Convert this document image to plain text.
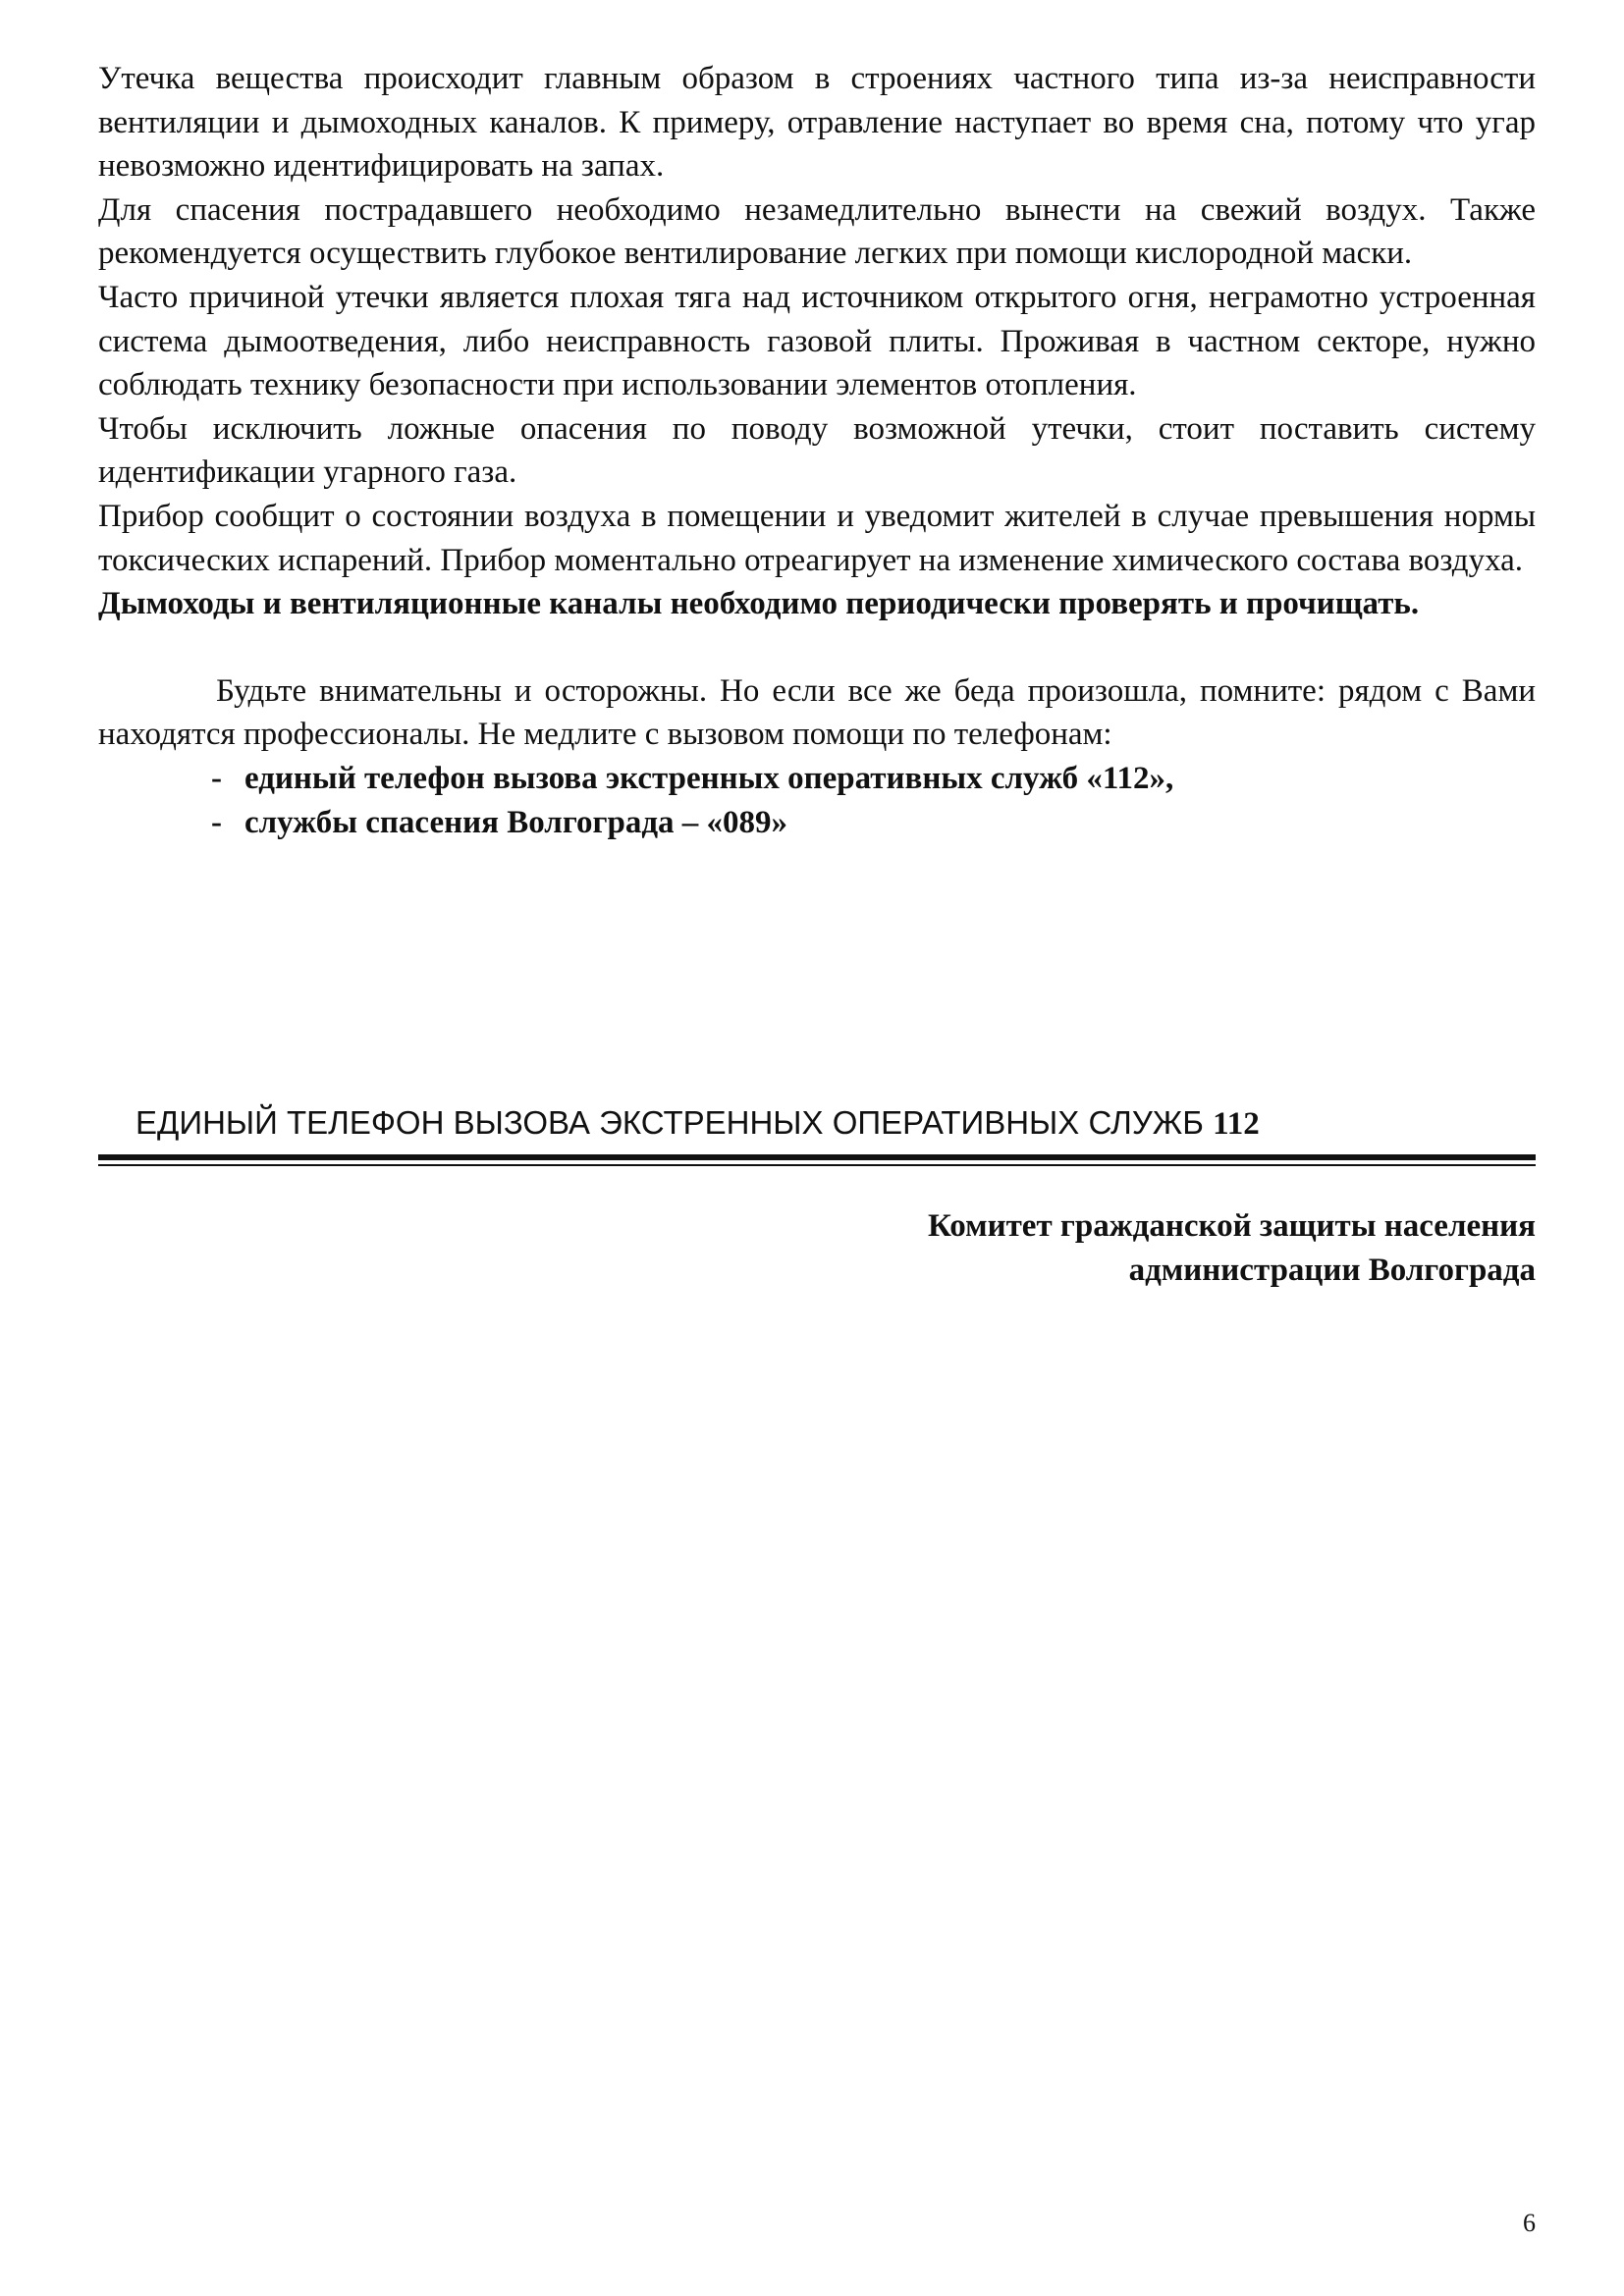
Утечка вещества происходит главным образом в строениях частного типа из-за неисправности вентиляции и дымоходных каналов. К примеру, отравление наступает во время сна, потому что угар невозможно идентифицировать на запах.

Для спасения пострадавшего необходимо незамедлительно вынести на свежий воздух. Также рекомендуется осуществить глубокое вентилирование легких при помощи кислородной маски.

Часто причиной утечки является плохая тяга над источником открытого огня, неграмотно устроенная система дымоотведения, либо неисправность газовой плиты. Проживая в частном секторе, нужно соблюдать технику безопасности при использовании элементов отопления.

Чтобы исключить ложные опасения по поводу возможной утечки, стоит поставить систему идентификации угарного газа.

Прибор сообщит о состоянии воздуха в помещении и уведомит жителей в случае превышения нормы токсических испарений. Прибор моментально отреагирует на изменение химического состава воздуха.

Дымоходы и вентиляционные каналы необходимо периодически проверять и прочищать.

Будьте внимательны и осторожны. Но если все же беда произошла, помните: рядом с Вами находятся профессионалы. Не медлите с вызовом помощи по телефонам:

- единый телефон вызова экстренных оперативных служб «112»,

- службы спасения Волгограда – «089»

ЕДИНЫЙ ТЕЛЕФОН ВЫЗОВА ЭКСТРЕННЫХ ОПЕРАТИВНЫХ СЛУЖБ 112
Комитет гражданской защиты населения
администрации Волгограда
6
